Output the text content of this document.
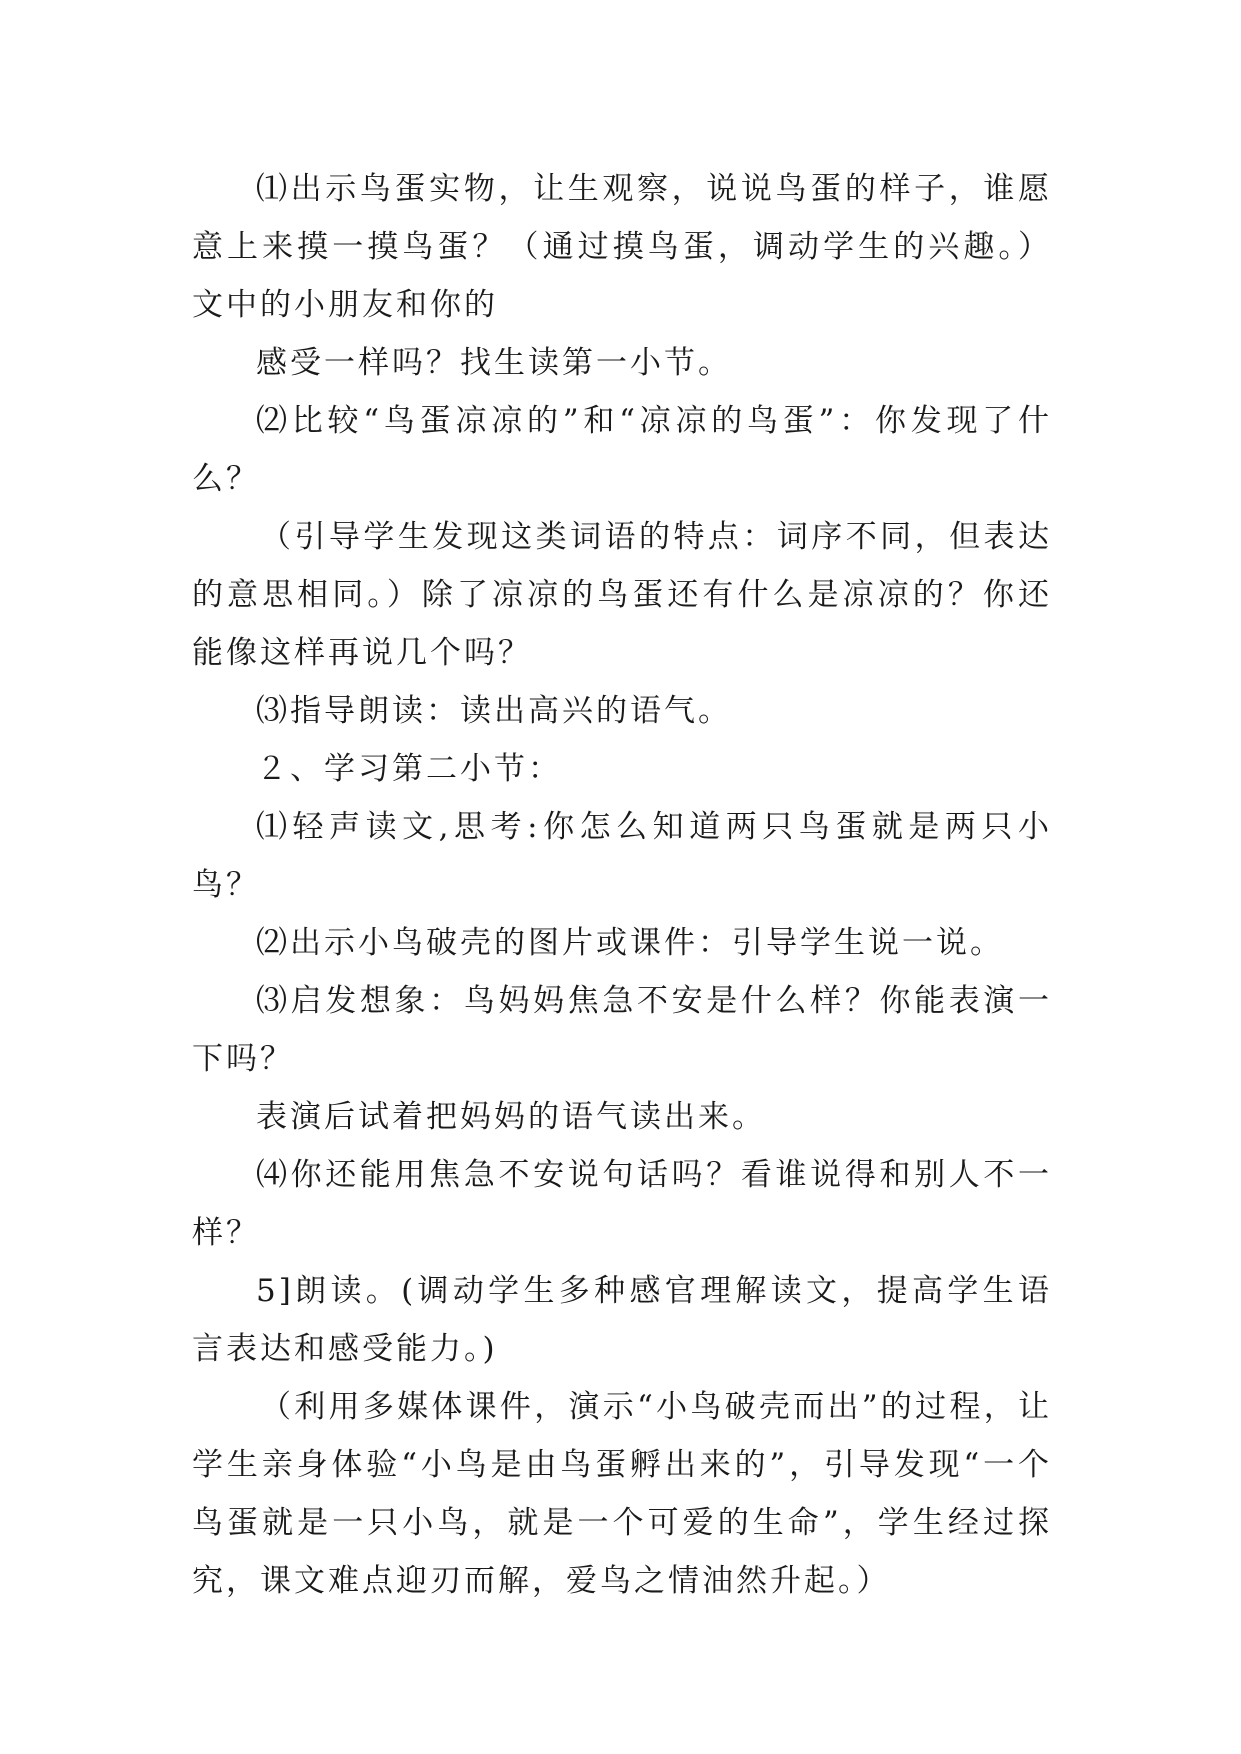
⑴出示鸟蛋实物，让生观察，说说鸟蛋的样子，谁愿意上来摸一摸鸟蛋？（通过摸鸟蛋，调动学生的兴趣。）文中的小朋友和你的

感受一样吗？找生读第一小节。

⑵比较“鸟蛋凉凉的”和“凉凉的鸟蛋”：你发现了什么？

（引导学生发现这类词语的特点：词序不同，但表达的意思相同。）除了凉凉的鸟蛋还有什么是凉凉的？你还能像这样再说几个吗？

⑶指导朗读：读出高兴的语气。

２、学习第二小节：

⑴轻声读文,思考:你怎么知道两只鸟蛋就是两只小鸟？

⑵出示小鸟破壳的图片或课件：引导学生说一说。

⑶启发想象：鸟妈妈焦急不安是什么样？你能表演一下吗？

表演后试着把妈妈的语气读出来。

⑷你还能用焦急不安说句话吗？看谁说得和别人不一样？

5]朗读。(调动学生多种感官理解读文，提高学生语言表达和感受能力。)

（利用多媒体课件，演示“小鸟破壳而出”的过程，让学生亲身体验“小鸟是由鸟蛋孵出来的”，引导发现“一个鸟蛋就是一只小鸟，就是一个可爱的生命”，学生经过探究，课文难点迎刃而解，爱鸟之情油然升起。）
